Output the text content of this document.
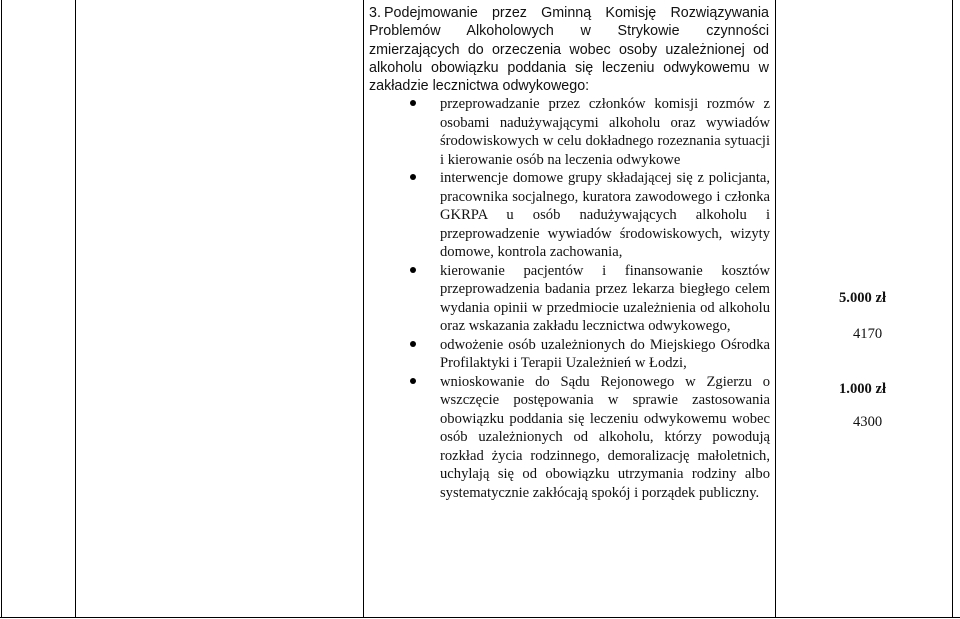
3. Podejmowanie przez Gminną Komisję Rozwiązywania Problemów Alkoholowych w Strykowie czynności zmierzających do orzeczenia wobec osoby uzależnionej od alkoholu obowiązku poddania się leczeniu odwykowemu w zakładzie lecznictwa odwykowego:
przeprowadzanie przez członków komisji rozmów z osobami nadużywającymi alkoholu oraz wywiadów środowiskowych w celu dokładnego rozeznania sytuacji i kierowanie osób na leczenia odwykowe
interwencje domowe grupy składającej się z policjanta, pracownika socjalnego, kuratora zawodowego i członka GKRPA u osób nadużywających alkoholu i przeprowadzenie wywiadów środowiskowych, wizyty domowe, kontrola zachowania,
kierowanie pacjentów i finansowanie kosztów przeprowadzenia badania przez lekarza biegłego celem wydania opinii w przedmiocie uzależnienia od alkoholu oraz wskazania zakładu lecznictwa odwykowego,
odwożenie osób uzależnionych do Miejskiego Ośrodka Profilaktyki i Terapii Uzależnień w Łodzi,
wnioskowanie do Sądu Rejonowego w Zgierzu o wszczęcie postępowania w sprawie zastosowania obowiązku poddania się leczeniu odwykowemu wobec osób uzależnionych od alkoholu, którzy powodują rozkład życia rodzinnego, demoralizację małoletnich, uchylają się od obowiązku utrzymania rodziny albo systematycznie zakłócają spokój i porządek publiczny.
5.000 zł
4170
1.000 zł
4300
